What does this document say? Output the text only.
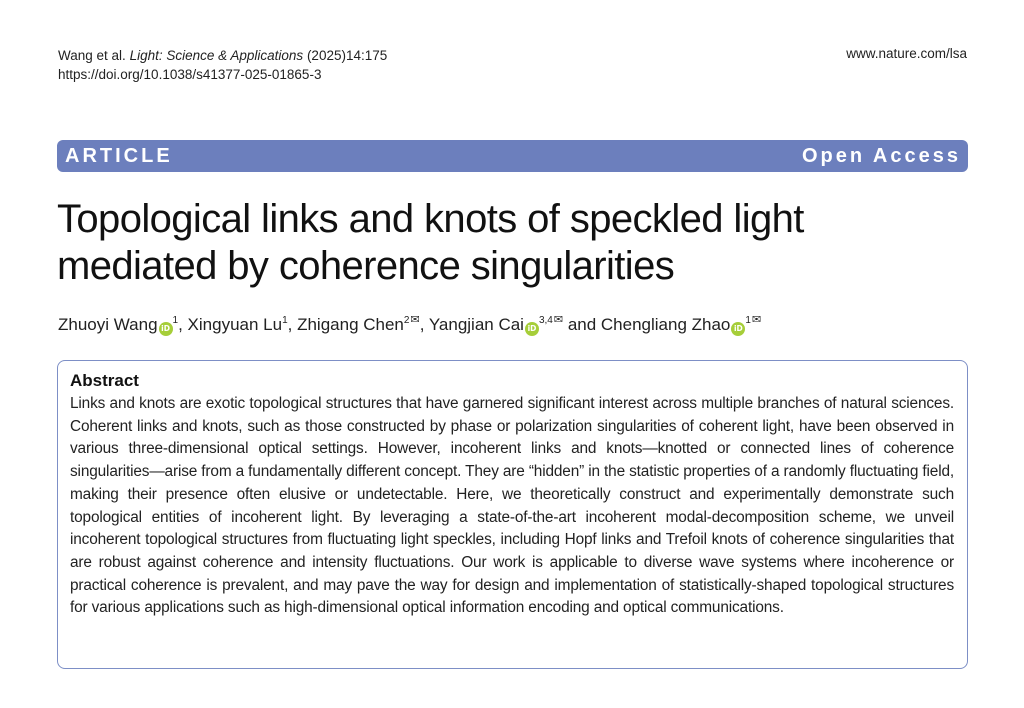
Wang et al. Light: Science & Applications (2025)14:175
https://doi.org/10.1038/s41377-025-01865-3
www.nature.com/lsa
ARTICLE	Open Access
Topological links and knots of speckled light mediated by coherence singularities
Zhuoyi Wang $iD^1$, Xingyuan Lu$^1$, Zhigang Chen$^{2✉}$, Yangjian Cai $iD^{3,4✉}$ and Chengliang Zhao $iD^{1✉}$
Abstract
Links and knots are exotic topological structures that have garnered significant interest across multiple branches of natural sciences. Coherent links and knots, such as those constructed by phase or polarization singularities of coherent light, have been observed in various three-dimensional optical settings. However, incoherent links and knots—knotted or connected lines of coherence singularities—arise from a fundamentally different concept. They are “hidden” in the statistic properties of a randomly fluctuating field, making their presence often elusive or undetectable. Here, we theoretically construct and experimentally demonstrate such topological entities of incoherent light. By leveraging a state-of-the-art incoherent modal-decomposition scheme, we unveil incoherent topological structures from fluctuating light speckles, including Hopf links and Trefoil knots of coherence singularities that are robust against coherence and intensity fluctuations. Our work is applicable to diverse wave systems where incoherence or practical coherence is prevalent, and may pave the way for design and implementation of statistically-shaped topological structures for various applications such as high-dimensional optical information encoding and optical communications.
